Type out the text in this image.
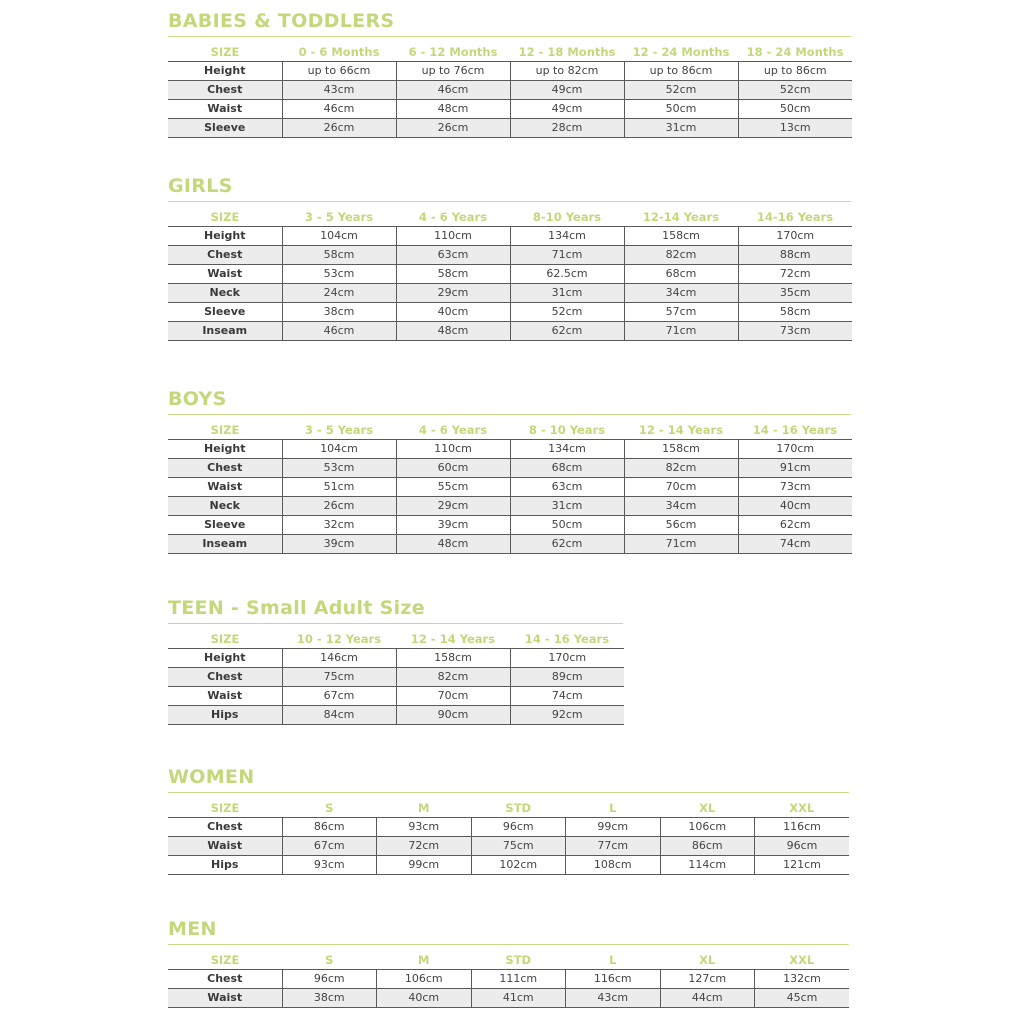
BABIES & TODDLERS
SIZE	0 - 6 Months	6 - 12 Months	12 - 18 Months	12 - 24 Months	18 - 24 Months
Height	up to 66cm	up to 76cm	up to 82cm	up to 86cm	up to 86cm
Chest	43cm	46cm	49cm	52cm	52cm
Waist	46cm	48cm	49cm	50cm	50cm
Sleeve	26cm	26cm	28cm	31cm	13cm
GIRLS
SIZE	3 - 5 Years	4 - 6 Years	8-10 Years	12-14 Years	14-16 Years
Height	104cm	110cm	134cm	158cm	170cm
Chest	58cm	63cm	71cm	82cm	88cm
Waist	53cm	58cm	62.5cm	68cm	72cm
Neck	24cm	29cm	31cm	34cm	35cm
Sleeve	38cm	40cm	52cm	57cm	58cm
Inseam	46cm	48cm	62cm	71cm	73cm
BOYS
SIZE	3 - 5 Years	4 - 6 Years	8 - 10 Years	12 - 14 Years	14 - 16 Years
Height	104cm	110cm	134cm	158cm	170cm
Chest	53cm	60cm	68cm	82cm	91cm
Waist	51cm	55cm	63cm	70cm	73cm
Neck	26cm	29cm	31cm	34cm	40cm
Sleeve	32cm	39cm	50cm	56cm	62cm
Inseam	39cm	48cm	62cm	71cm	74cm
TEEN - Small Adult Size
SIZE	10 - 12 Years	12 - 14 Years	14 - 16 Years
Height	146cm	158cm	170cm
Chest	75cm	82cm	89cm
Waist	67cm	70cm	74cm
Hips	84cm	90cm	92cm
WOMEN
SIZE	S	M	STD	L	XL	XXL
Chest	86cm	93cm	96cm	99cm	106cm	116cm
Waist	67cm	72cm	75cm	77cm	86cm	96cm
Hips	93cm	99cm	102cm	108cm	114cm	121cm
MEN
SIZE	S	M	STD	L	XL	XXL
Chest	96cm	106cm	111cm	116cm	127cm	132cm
Waist	38cm	40cm	41cm	43cm	44cm	45cm
